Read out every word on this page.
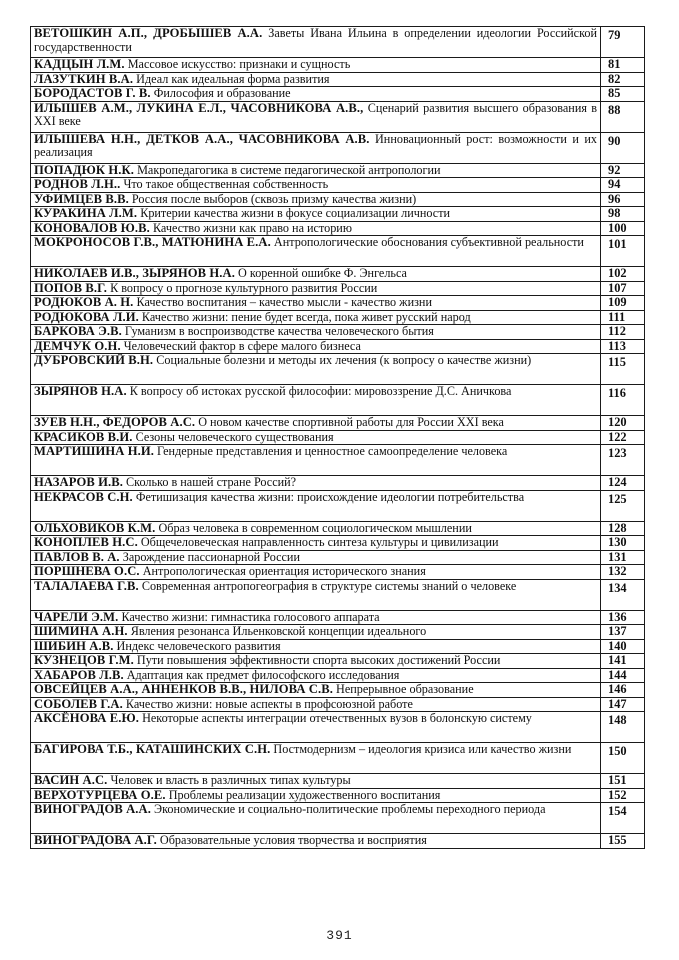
ВЕТОШКИН А.П., ДРОБЫШЕВ А.А. Заветы Ивана Ильина в определении идеологии Российской государственности	79
КАДЦЫН Л.М. Массовое искусство: признаки и сущность	81
ЛАЗУТКИН В.А. Идеал как идеальная форма развития	82
БОРОДАСТОВ Г. В. Философия и образование	85
ИЛЫШЕВ А.М., ЛУКИНА Е.Л., ЧАСОВНИКОВА А.В., Сценарий развития высшего образования в XXI веке	88
ИЛЫШЕВА Н.Н., ДЕТКОВ А.А., ЧАСОВНИКОВА А.В. Инновационный рост: возможности и их реализация	90
ПОПАДЮК Н.К. Макропедагогика в системе педагогической антропологии	92
РОДНОВ Л.Н.. Что такое общественная собственность	94
УФИМЦЕВ В.В. Россия после выборов (сквозь призму качества жизни)	96
КУРАКИНА Л.М. Критерии качества жизни в фокусе социализации личности	98
КОНОВАЛОВ Ю.В. Качество жизни как право на историю	100
МОКРОНОСОВ Г.В., МАТЮНИНА Е.А. Антропологические обоснования субъективной реальности	101
НИКОЛАЕВ И.В., ЗЫРЯНОВ Н.А. О коренной ошибке Ф. Энгельса	102
ПОПОВ В.Г. К вопросу о прогнозе культурного развития России	107
РОДЮКОВ А. Н. Качество воспитания – качество мысли - качество жизни	109
РОДЮКОВА Л.И. Качество жизни: пение будет всегда, пока живет русский народ	111
БАРКОВА Э.В. Гуманизм в воспроизводстве качества человеческого бытия	112
ДЕМЧУК О.Н. Человеческий фактор в сфере малого бизнеса	113
ДУБРОВСКИЙ В.Н. Социальные болезни и методы их лечения (к вопросу о качестве жизни)	115
ЗЫРЯНОВ Н.А. К вопросу об истоках русской философии: мировоззрение Д.С. Аничкова	116
ЗУЕВ Н.Н., ФЕДОРОВ А.С. О новом качестве спортивной работы для России XXI века	120
КРАСИКОВ В.И. Сезоны человеческого существования	122
МАРТИШИНА Н.И. Гендерные представления и ценностное самоопределение человека	123
НАЗАРОВ И.В. Сколько в нашей стране Россий?	124
НЕКРАСОВ С.Н. Фетишизация качества жизни: происхождение идеологии потребительства	125
ОЛЬХОВИКОВ К.М. Образ человека в современном социологическом мышлении	128
КОНОПЛЕВ Н.С. Общечеловеческая направленность синтеза культуры и цивилизации	130
ПАВЛОВ В. А. Зарождение пассионарной России	131
ПОРШНЕВА О.С. Антропологическая ориентация исторического знания	132
ТАЛАЛАЕВА Г.В. Современная антропогеография в структуре системы знаний о человеке	134
ЧАРЕЛИ Э.М. Качество жизни: гимнастика голосового аппарата	136
ШИМИНА А.Н. Явления резонанса Ильенковской концепции идеального	137
ШИБИН А.В. Индекс человеческого развития	140
КУЗНЕЦОВ Г.М. Пути повышения эффективности спорта высоких достижений России	141
ХАБАРОВ Л.В. Адаптация как предмет философского исследования	144
ОВСЕЙЦЕВ А.А., АННЕНКОВ В.В., НИЛОВА С.В. Непрерывное образование	146
СОБОЛЕВ Г.А. Качество жизни: новые аспекты в профсоюзной работе	147
АКСЁНОВА Е.Ю. Некоторые аспекты интеграции отечественных вузов в болонскую систему	148
БАГИРОВА Т.Б., КАТАШИНСКИХ С.Н. Постмодернизм – идеология кризиса или качество жизни	150
ВАСИН А.С. Человек и власть в различных типах культуры	151
ВЕРХОТУРЦЕВА О.Е. Проблемы реализации художественного воспитания	152
ВИНОГРАДОВ А.А. Экономические и социально-политические проблемы переходного периода	154
ВИНОГРАДОВА А.Г. Образовательные условия творчества и восприятия	155
391
